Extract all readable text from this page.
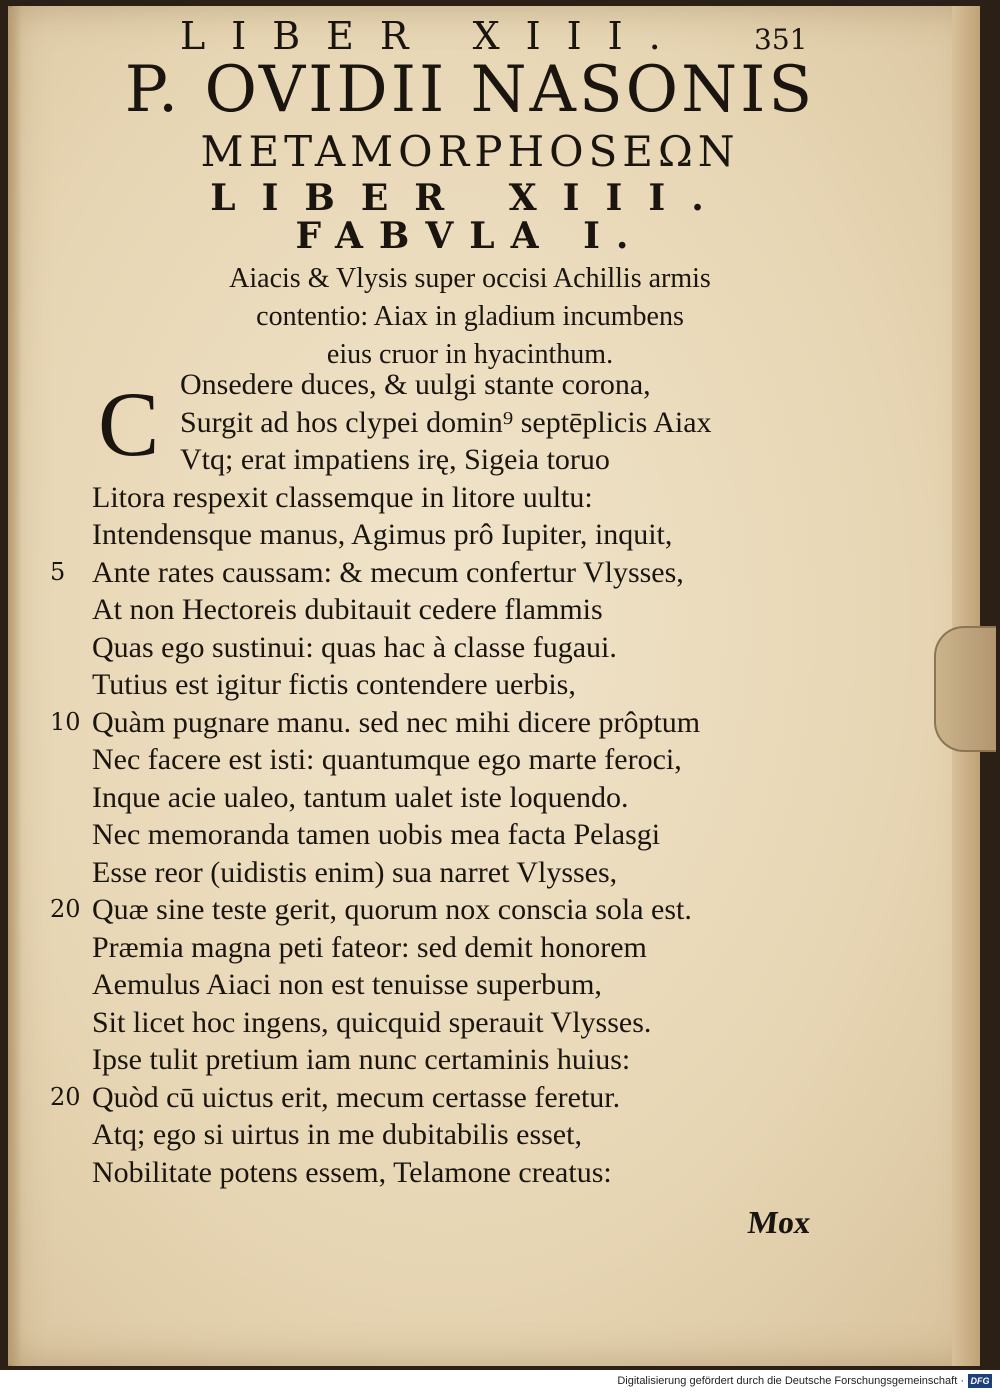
LIBER XIII.	351
P. OVIDII NASONIS
METAMORPHOSEΩN
LIBER XIII.
FABVLA I.
Aiacis & Vlysis super occisi Achillis armis
contentio: Aiax in gladium incumbens
eius cruor in hyacinthum.
C Onsedere duces, & uulgi stante corona,
Surgit ad hos clypei domin⁹ septēplicis Aiax
Vtq; erat impatiens irę, Sigeia toruo
Litora respexit classemque in litore uultu:
Intendensque manus, Agimus prô Iupiter, inquit,
Ante rates caussam: & mecum confertur Vlysses,
5
At non Hectoreis dubitauit cedere flammis
Quas ego sustinui: quas hac à classe fugaui.
Tutius est igitur fictis contendere uerbis,
Quàm pugnare manu. sed nec mihi dicere prôptum
10
Nec facere est isti: quantumque ego marte feroci,
Inque acie ualeo, tantum ualet iste loquendo.
Nec memoranda tamen uobis mea facta Pelasgi
Esse reor (uidistis enim) sua narret Vlysses,
Quæ sine teste gerit, quorum nox conscia sola est.
20
Præmia magna peti fateor: sed demit honorem
Aemulus Aiaci non est tenuisse superbum,
Sit licet hoc ingens, quicquid sperauit Vlysses.
Ipse tulit pretium iam nunc certaminis huius:
Quòd cū uictus erit, mecum certasse feretur.
20
Atq; ego si uirtus in me dubitabilis esset,
Nobilitate potens essem, Telamone creatus:
Mox
Digitalisierung gefördert durch die Deutsche Forschungsgemeinschaft · DFG
